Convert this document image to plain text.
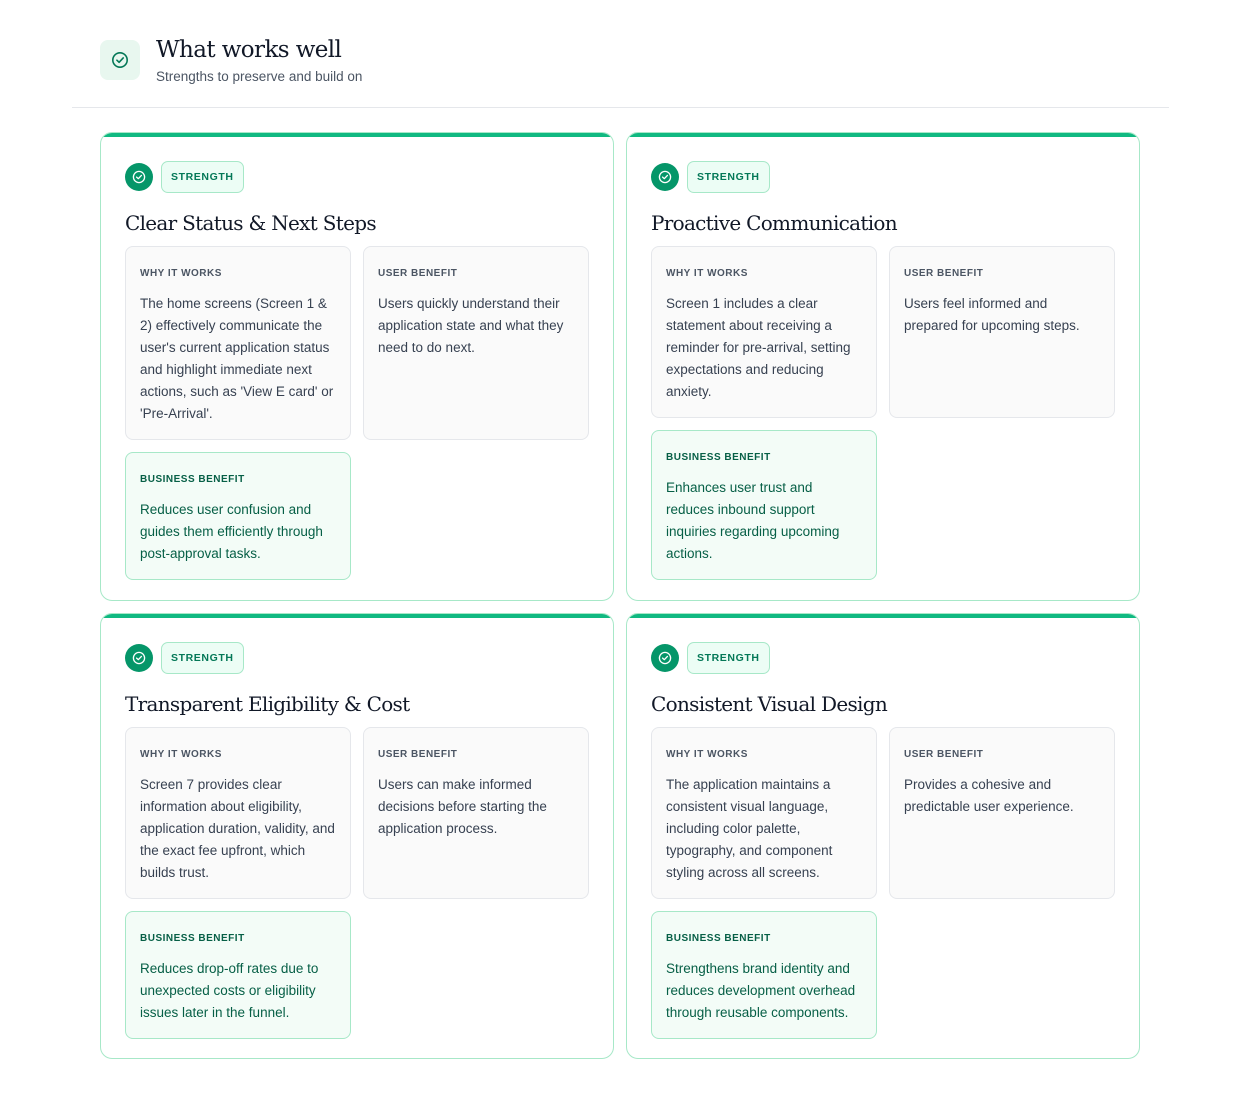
What works well
Strengths to preserve and build on
STRENGTH
Clear Status & Next Steps
WHY IT WORKS
The home screens (Screen 1 & 2) effectively communicate the user's current application status and highlight immediate next actions, such as 'View E card' or 'Pre-Arrival'.
USER BENEFIT
Users quickly understand their application state and what they need to do next.
BUSINESS BENEFIT
Reduces user confusion and guides them efficiently through post-approval tasks.
STRENGTH
Proactive Communication
WHY IT WORKS
Screen 1 includes a clear statement about receiving a reminder for pre-arrival, setting expectations and reducing anxiety.
USER BENEFIT
Users feel informed and prepared for upcoming steps.
BUSINESS BENEFIT
Enhances user trust and reduces inbound support inquiries regarding upcoming actions.
STRENGTH
Transparent Eligibility & Cost
WHY IT WORKS
Screen 7 provides clear information about eligibility, application duration, validity, and the exact fee upfront, which builds trust.
USER BENEFIT
Users can make informed decisions before starting the application process.
BUSINESS BENEFIT
Reduces drop-off rates due to unexpected costs or eligibility issues later in the funnel.
STRENGTH
Consistent Visual Design
WHY IT WORKS
The application maintains a consistent visual language, including color palette, typography, and component styling across all screens.
USER BENEFIT
Provides a cohesive and predictable user experience.
BUSINESS BENEFIT
Strengthens brand identity and reduces development overhead through reusable components.
